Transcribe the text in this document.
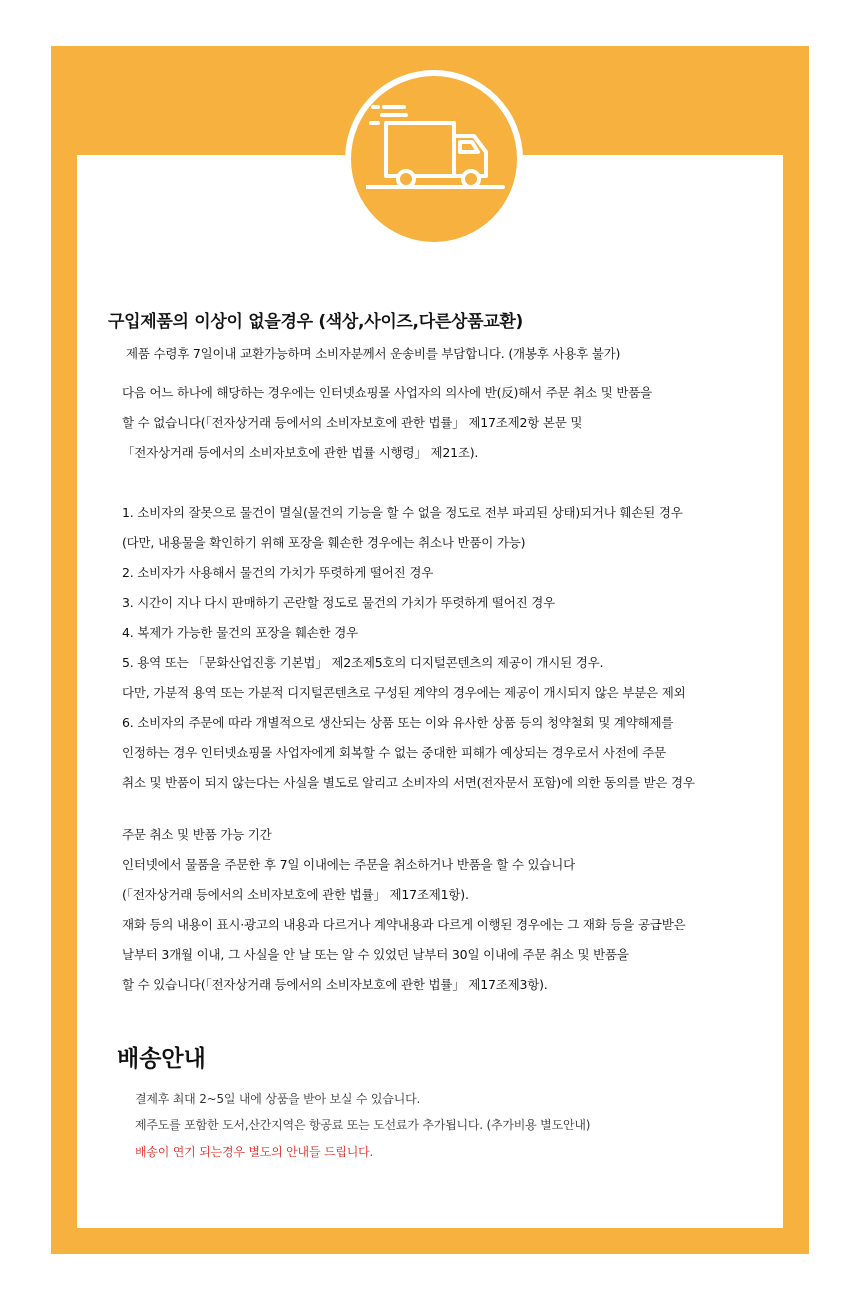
구입제품의 이상이 없을경우 (색상,사이즈,다른상품교환)

제품 수령후 7일이내 교환가능하며 소비자분께서 운송비를 부담합니다. (개봉후 사용후 불가)

다음 어느 하나에 해당하는 경우에는 인터넷쇼핑몰 사업자의 의사에 반(反)해서 주문 취소 및 반품을

할 수 없습니다(「전자상거래 등에서의 소비자보호에 관한 법률」 제17조제2항 본문 및

「전자상거래 등에서의 소비자보호에 관한 법률 시행령」 제21조).

1. 소비자의 잘못으로 물건이 멸실(물건의 기능을 할 수 없을 정도로 전부 파괴된 상태)되거나 훼손된 경우

(다만, 내용물을 확인하기 위해 포장을 훼손한 경우에는 취소나 반품이 가능)

2. 소비자가 사용해서 물건의 가치가 뚜렷하게 떨어진 경우

3. 시간이 지나 다시 판매하기 곤란할 정도로 물건의 가치가 뚜렷하게 떨어진 경우

4. 복제가 가능한 물건의 포장을 훼손한 경우

5. 용역 또는 「문화산업진흥 기본법」 제2조제5호의 디지털콘텐츠의 제공이 개시된 경우.

다만, 가분적 용역 또는 가분적 디지털콘텐츠로 구성된 계약의 경우에는 제공이 개시되지 않은 부분은 제외

6. 소비자의 주문에 따라 개별적으로 생산되는 상품 또는 이와 유사한 상품 등의 청약철회 및 계약해제를

인정하는 경우 인터넷쇼핑몰 사업자에게 회복할 수 없는 중대한 피해가 예상되는 경우로서 사전에 주문

취소 및 반품이 되지 않는다는 사실을 별도로 알리고 소비자의 서면(전자문서 포함)에 의한 동의를 받은 경우

주문 취소 및 반품 가능 기간

인터넷에서 물품을 주문한 후 7일 이내에는 주문을 취소하거나 반품을 할 수 있습니다

(「전자상거래 등에서의 소비자보호에 관한 법률」 제17조제1항).

재화 등의 내용이 표시·광고의 내용과 다르거나 계약내용과 다르게 이행된 경우에는 그 재화 등을 공급받은

날부터 3개월 이내, 그 사실을 안 날 또는 알 수 있었던 날부터 30일 이내에 주문 취소 및 반품을

할 수 있습니다(「전자상거래 등에서의 소비자보호에 관한 법률」 제17조제3항).

배송안내

결제후 최대 2~5일 내에 상품을 받아 보실 수 있습니다.

제주도를 포함한 도서,산간지역은 항공료 또는 도선료가 추가됩니다. (추가비용 별도안내)

배송이 연기 되는경우 별도의 안내들 드립니다.
